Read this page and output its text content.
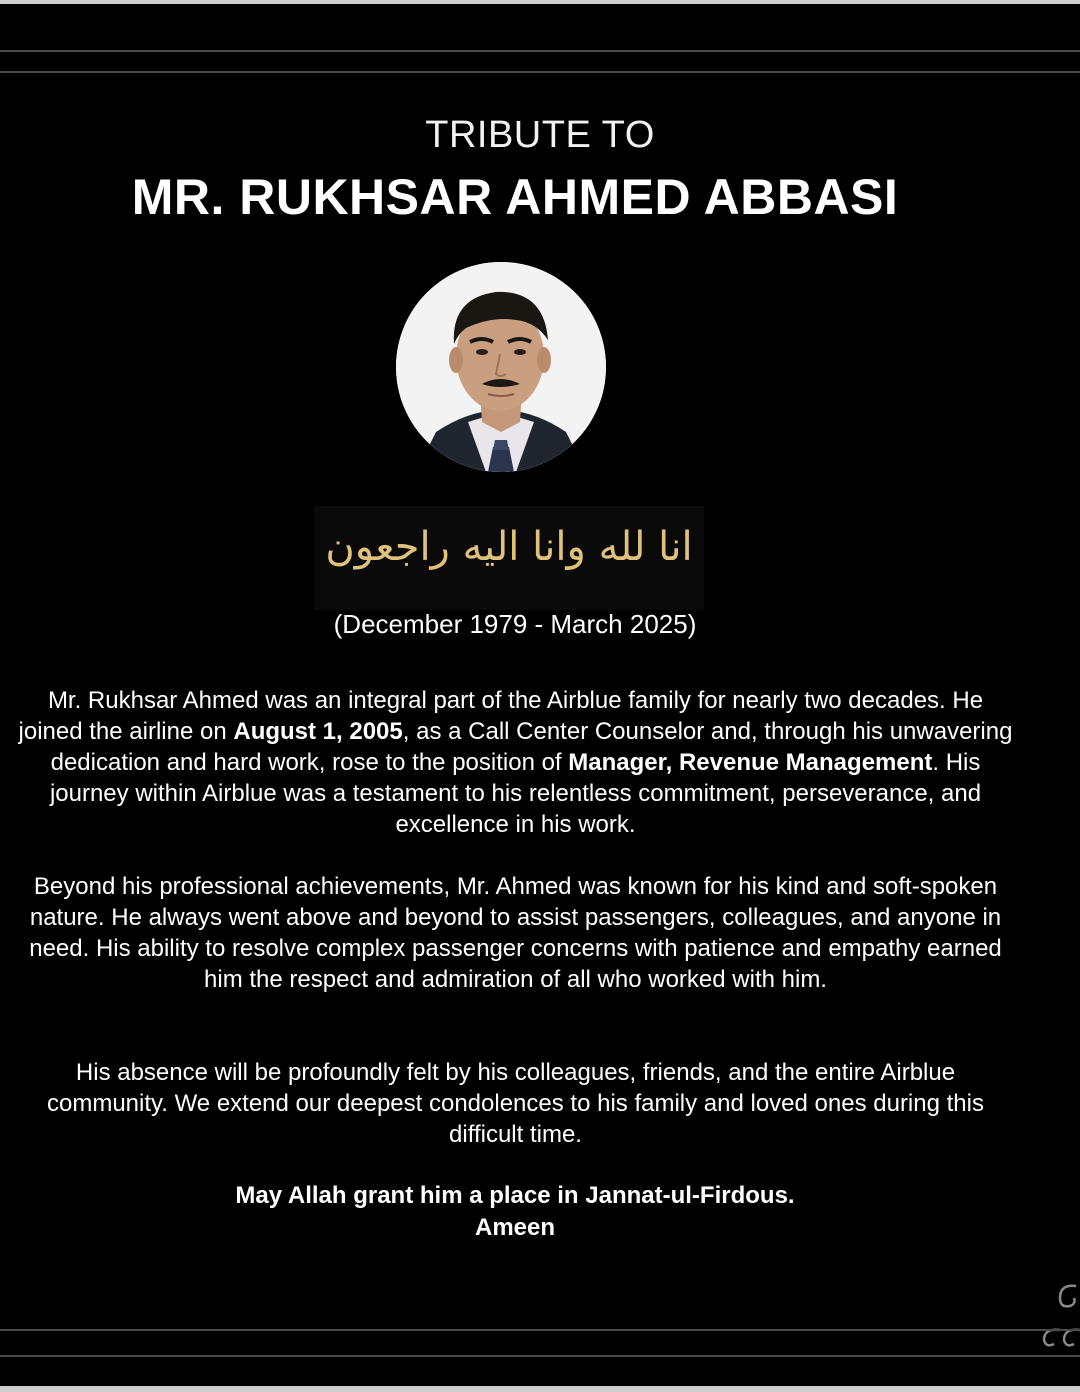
TRIBUTE TO
MR. RUKHSAR AHMED ABBASI
انا لله وانا اليه راجعون
(December 1979 - March 2025)

Mr. Rukhsar Ahmed was an integral part of the Airblue family for nearly two decades. He joined the airline on August 1, 2005, as a Call Center Counselor and, through his unwavering dedication and hard work, rose to the position of Manager, Revenue Management. His journey within Airblue was a testament to his relentless commitment, perseverance, and excellence in his work.

Beyond his professional achievements, Mr. Ahmed was known for his kind and soft-spoken nature. He always went above and beyond to assist passengers, colleagues, and anyone in need. His ability to resolve complex passenger concerns with patience and empathy earned him the respect and admiration of all who worked with him.

His absence will be profoundly felt by his colleagues, friends, and the entire Airblue community. We extend our deepest condolences to his family and loved ones during this difficult time.

May Allah grant him a place in Jannat-ul-Firdous.
Ameen
